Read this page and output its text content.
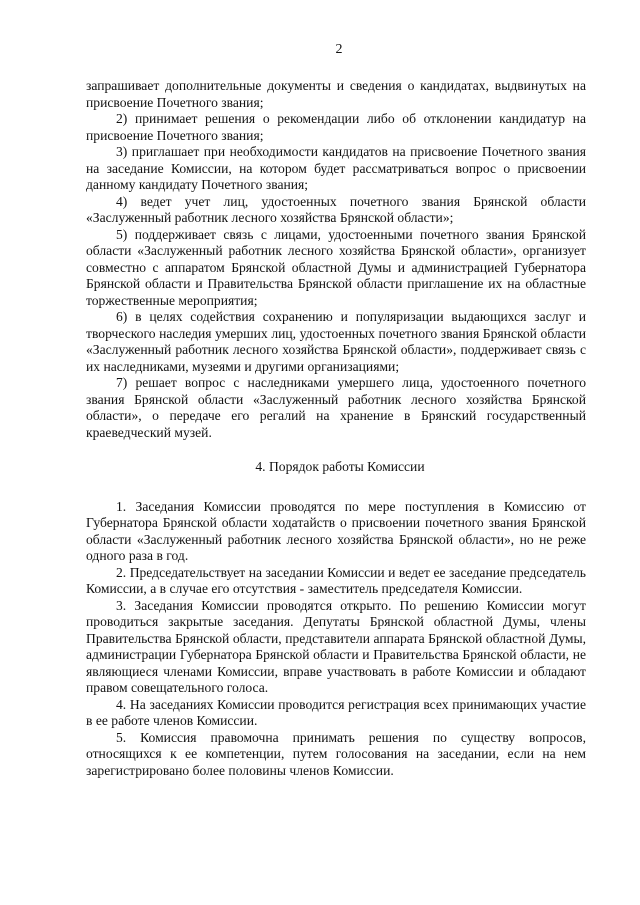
2

запрашивает дополнительные документы и сведения о кандидатах, выдвинутых на присвоение Почетного звания;

2) принимает решения о рекомендации либо об отклонении кандидатур на присвоение Почетного звания;

3) приглашает при необходимости кандидатов на присвоение Почетного звания на заседание Комиссии, на котором будет рассматриваться вопрос о присвоении данному кандидату Почетного звания;

4) ведет учет лиц, удостоенных почетного звания Брянской области «Заслуженный работник лесного хозяйства Брянской области»;

5) поддерживает связь с лицами, удостоенными почетного звания Брянской области «Заслуженный работник лесного хозяйства Брянской области», организует совместно с аппаратом Брянской областной Думы и администрацией Губернатора Брянской области и Правительства Брянской области приглашение их на областные торжественные мероприятия;

6) в целях содействия сохранению и популяризации выдающихся заслуг и творческого наследия умерших лиц, удостоенных почетного звания Брянской области «Заслуженный работник лесного хозяйства Брянской области», поддерживает связь с их наследниками, музеями и другими организациями;

7) решает вопрос с наследниками умершего лица, удостоенного почетного звания Брянской области «Заслуженный работник лесного хозяйства Брянской области», о передаче его регалий на хранение в Брянский государственный краеведческий музей.

4. Порядок работы Комиссии

1. Заседания Комиссии проводятся по мере поступления в Комиссию от Губернатора Брянской области ходатайств о присвоении почетного звания Брянской области «Заслуженный работник лесного хозяйства Брянской области», но не реже одного раза в год.

2. Председательствует на заседании Комиссии и ведет ее заседание председатель Комиссии, а в случае его отсутствия - заместитель председателя Комиссии.

3. Заседания Комиссии проводятся открыто. По решению Комиссии могут проводиться закрытые заседания. Депутаты Брянской областной Думы, члены Правительства Брянской области, представители аппарата Брянской областной Думы, администрации Губернатора Брянской области и Правительства Брянской области, не являющиеся членами Комиссии, вправе участвовать в работе Комиссии и обладают правом совещательного голоса.

4. На заседаниях Комиссии проводится регистрация всех принимающих участие в ее работе членов Комиссии.

5. Комиссия правомочна принимать решения по существу вопросов, относящихся к ее компетенции, путем голосования на заседании, если на нем зарегистрировано более половины членов Комиссии.
